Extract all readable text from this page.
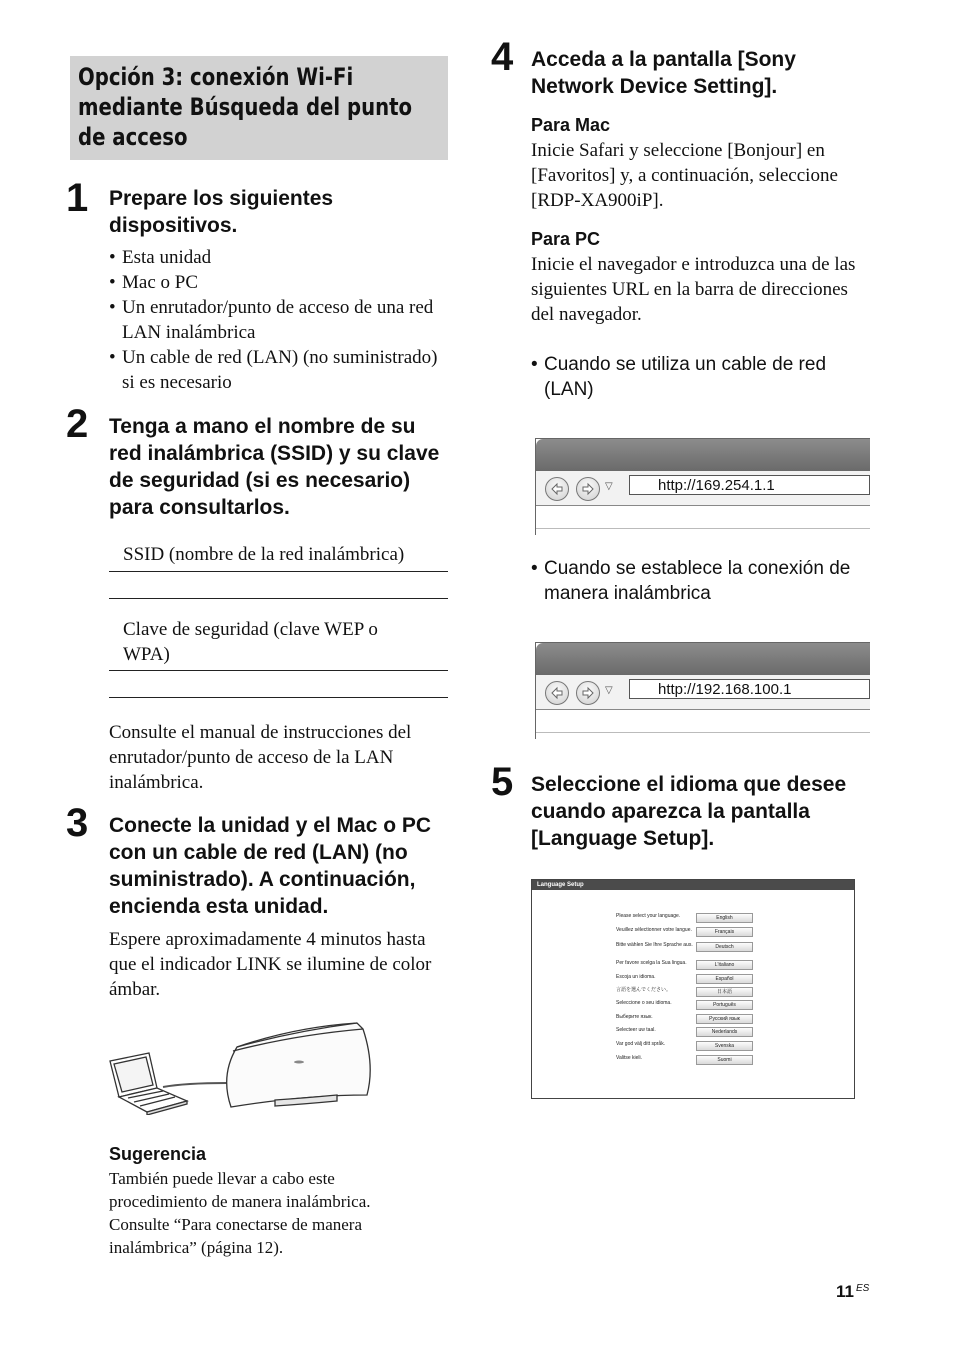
Opción 3: conexión Wi-Fi mediante Búsqueda del punto de acceso
1 Prepare los siguientes dispositivos.
• Esta unidad
• Mac o PC
• Un enrutador/punto de acceso de una red LAN inalámbrica
• Un cable de red (LAN) (no suministrado) si es necesario
2 Tenga a mano el nombre de su red inalámbrica (SSID) y su clave de seguridad (si es necesario) para consultarlos.
SSID (nombre de la red inalámbrica)
Clave de seguridad (clave WEP o WPA)
Consulte el manual de instrucciones del enrutador/punto de acceso de la LAN inalámbrica.
3 Conecte la unidad y el Mac o PC con un cable de red (LAN) (no suministrado). A continuación, encienda esta unidad.
Espere aproximadamente 4 minutos hasta que el indicador LINK se ilumine de color ámbar.
Sugerencia
También puede llevar a cabo este procedimiento de manera inalámbrica. Consulte “Para conectarse de manera inalámbrica” (página 12).
4 Acceda a la pantalla [Sony Network Device Setting].
Para Mac
Inicie Safari y seleccione [Bonjour] en [Favoritos] y, a continuación, seleccione [RDP-XA900iP].
Para PC
Inicie el navegador e introduzca una de las siguientes URL en la barra de direcciones del navegador.
• Cuando se utiliza un cable de red (LAN)
▽	http://169.254.1.1
• Cuando se establece la conexión de manera inalámbrica
▽	http://192.168.100.1
5 Seleccione el idioma que desee cuando aparezca la pantalla [Language Setup].
Language Setup
Please select your language.	English
Veuillez sélectionner votre langue.	Français
Bitte wählen Sie Ihre Sprache aus.	Deutsch
Per favore scelga la Sua lingua.	L'italiano
Escoja un idioma.	Español
言語を選んでください。	日本語
Seleccione o seu idioma.	Português
Выберите язык.	Русский язык
Selecteer uw taal.	Nederlands
Var god välj ditt språk.	Svenska
Valitse kieli.	Suomi
11 ES
